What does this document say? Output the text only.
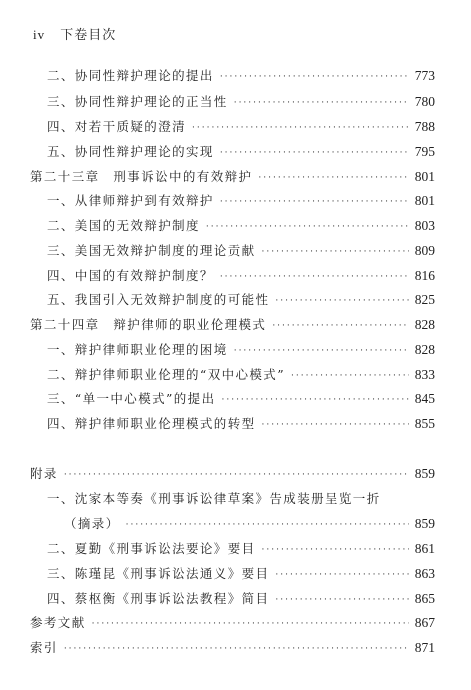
iv 下卷目次
二、协同性辩护理论的提出 ·····	773
三、协同性辩护理论的正当性 ·····	780
四、对若干质疑的澄清 ·····	788
五、协同性辩护理论的实现 ·····	795
第二十三章　刑事诉讼中的有效辩护 ·····	801
一、从律师辩护到有效辩护 ·····	801
二、美国的无效辩护制度 ·····	803
三、美国无效辩护制度的理论贡献 ·····	809
四、中国的有效辩护制度？ ·····	816
五、我国引入无效辩护制度的可能性 ·····	825
第二十四章　辩护律师的职业伦理模式 ·····	828
一、辩护律师职业伦理的困境 ·····	828
二、辩护律师职业伦理的“双中心模式” ·····	833
三、“单一中心模式”的提出 ·····	845
四、辩护律师职业伦理模式的转型 ·····	855
附录 ·····	859
一、沈家本等奏《刑事诉讼律草案》告成装册呈览一折
（摘录） ·····	859
二、夏勤《刑事诉讼法要论》要目 ·····	861
三、陈瑾昆《刑事诉讼法通义》要目 ·····	863
四、蔡枢衡《刑事诉讼法教程》简目 ·····	865
参考文献 ·····	867
索引 ·····	871
